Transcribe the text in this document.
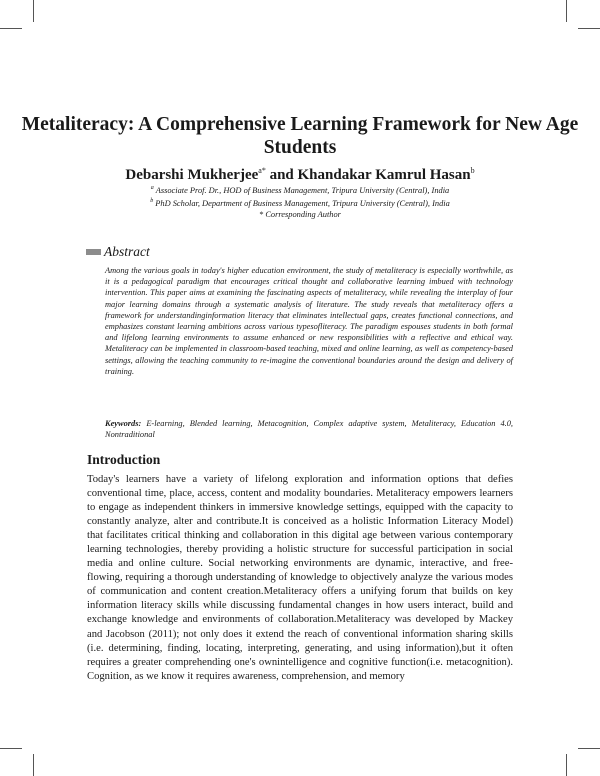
Metaliteracy: A Comprehensive Learning Framework for New Age Students
Debarshi Mukherjee$^{a*}$ and Khandakar Kamrul Hasan$^b$
$^a$ Associate Prof. Dr., HOD of Business Management, Tripura University (Central), India
$^b$ PhD Scholar, Department of Business Management, Tripura University (Central), India
* Corresponding Author
Abstract
Among the various goals in today's higher education environment, the study of metaliteracy is especially worthwhile, as it is a pedagogical paradigm that encourages critical thought and collaborative learning imbued with technology intervention. This paper aims at examining the fascinating aspects of metaliteracy, while revealing the interplay of four major learning domains through a systematic analysis of literature. The study reveals that metaliteracy offers a framework for understandinginformation literacy that eliminates intellectual gaps, creates functional connections, and emphasizes constant learning ambitions across various typesofliteracy. The paradigm espouses students in both formal and lifelong learning environments to assume enhanced or new responsibilities with a reflective and ethical way. Metaliteracy can be implemented in classroom-based teaching, mixed and online learning, as well as competency-based settings, allowing the teaching community to re-imagine the conventional boundaries around the design and delivery of training.
Keywords: E-learning, Blended learning, Metacognition, Complex adaptive system, Metaliteracy, Education 4.0, Nontraditional
Introduction
Today's learners have a variety of lifelong exploration and information options that defies conventional time, place, access, content and modality boundaries. Metaliteracy empowers learners to engage as independent thinkers in immersive knowledge settings, equipped with the capacity to constantly analyze, alter and contribute.It is conceived as a holistic Information Literacy Model) that facilitates critical thinking and collaboration in this digital age between various contemporary learning technologies, thereby providing a holistic structure for successful participation in social media and online culture. Social networking environments are dynamic, interactive, and free-flowing, requiring a thorough understanding of knowledge to objectively analyze the various modes of communication and content creation.Metaliteracy offers a unifying forum that builds on key information literacy skills while discussing fundamental changes in how users interact, build and exchange knowledge and environments of collaboration.Metaliteracy was developed by Mackey and Jacobson (2011); not only does it extend the reach of conventional information sharing skills (i.e. determining, finding, locating, interpreting, generating, and using information),but it often requires a greater comprehending one's ownintelligence and cognitive function(i.e. metacognition). Cognition, as we know it requires awareness, comprehension, and memory
